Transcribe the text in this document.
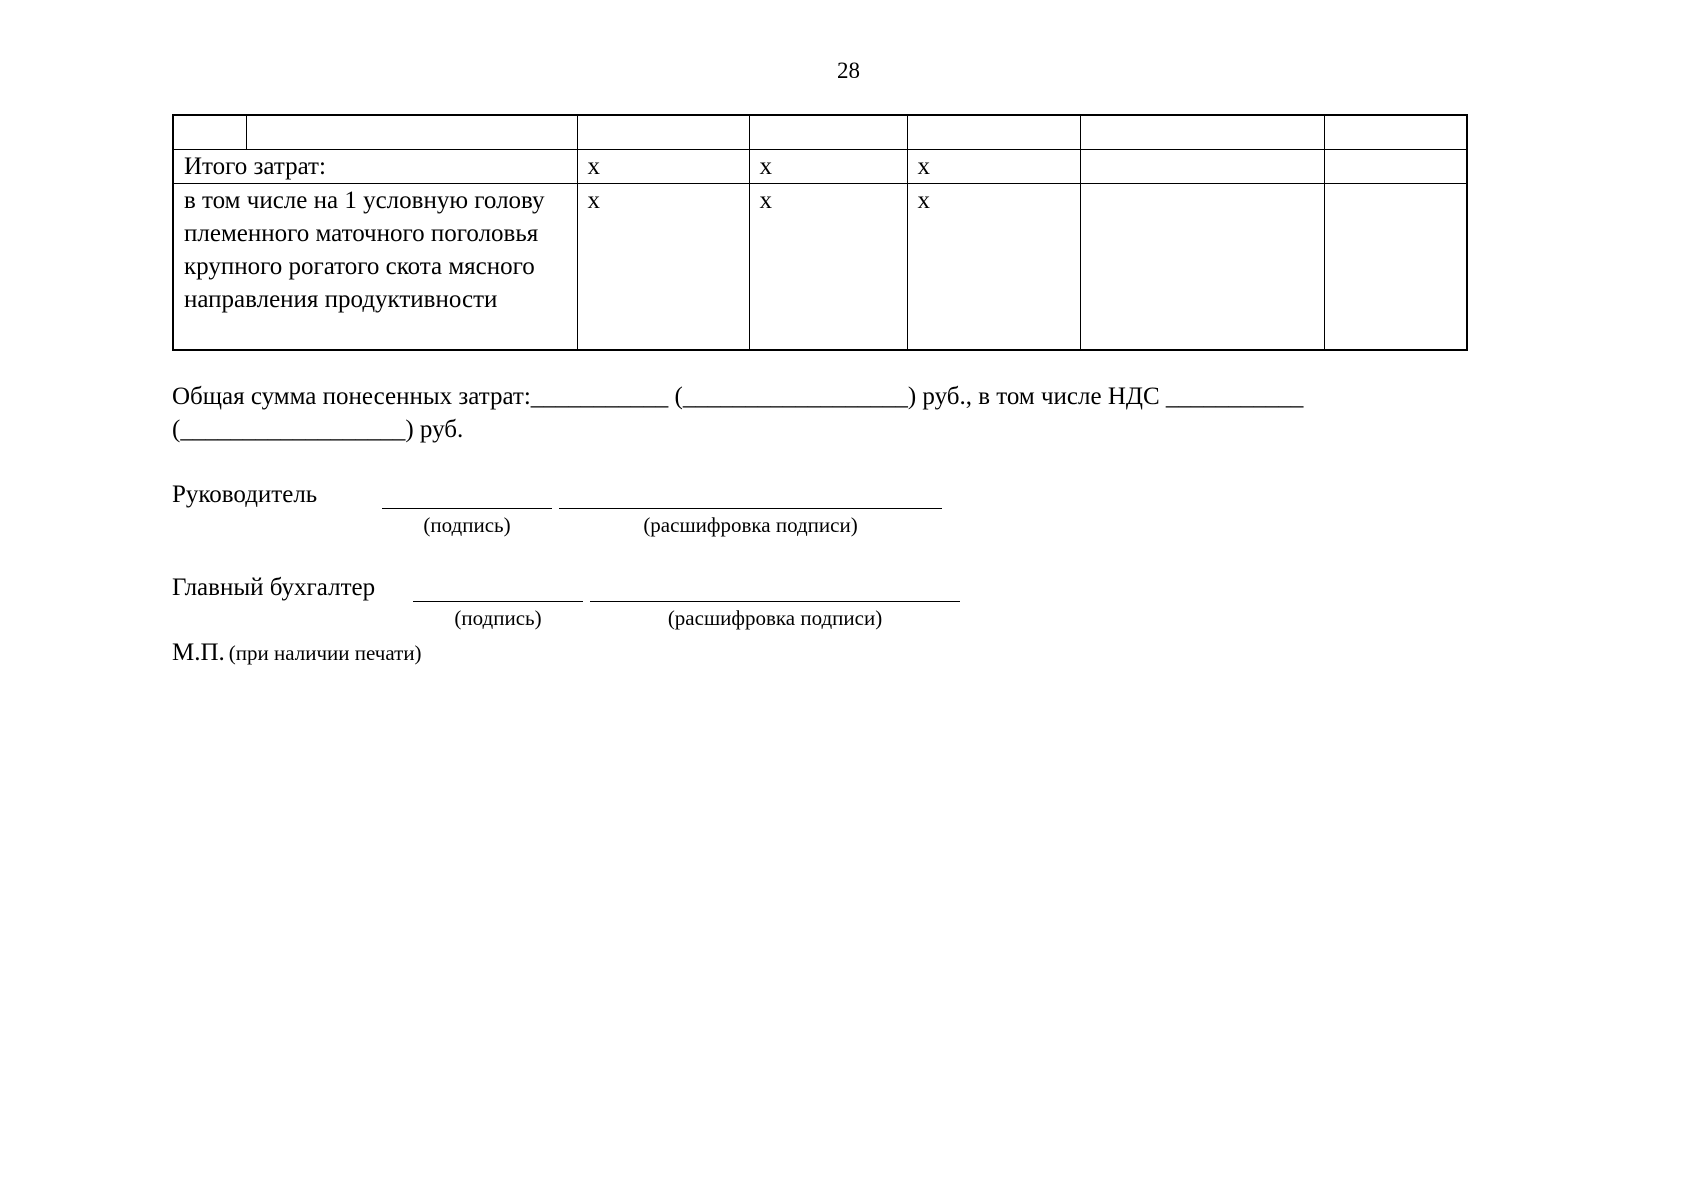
28

Итого затрат:		x	x	x		
в том числе на 1 условную голову племенного маточного поголовья крупного рогатого скота мясного направления продуктивности		x	x	x		
Общая сумма понесенных затрат:___________ (__________________) руб., в том числе НДС ___________
(__________________) руб.
Руководитель
(подпись)	(расшифровка подписи)
Главный бухгалтер
(подпись)	(расшифровка подписи)
М.П. (при наличии печати)
